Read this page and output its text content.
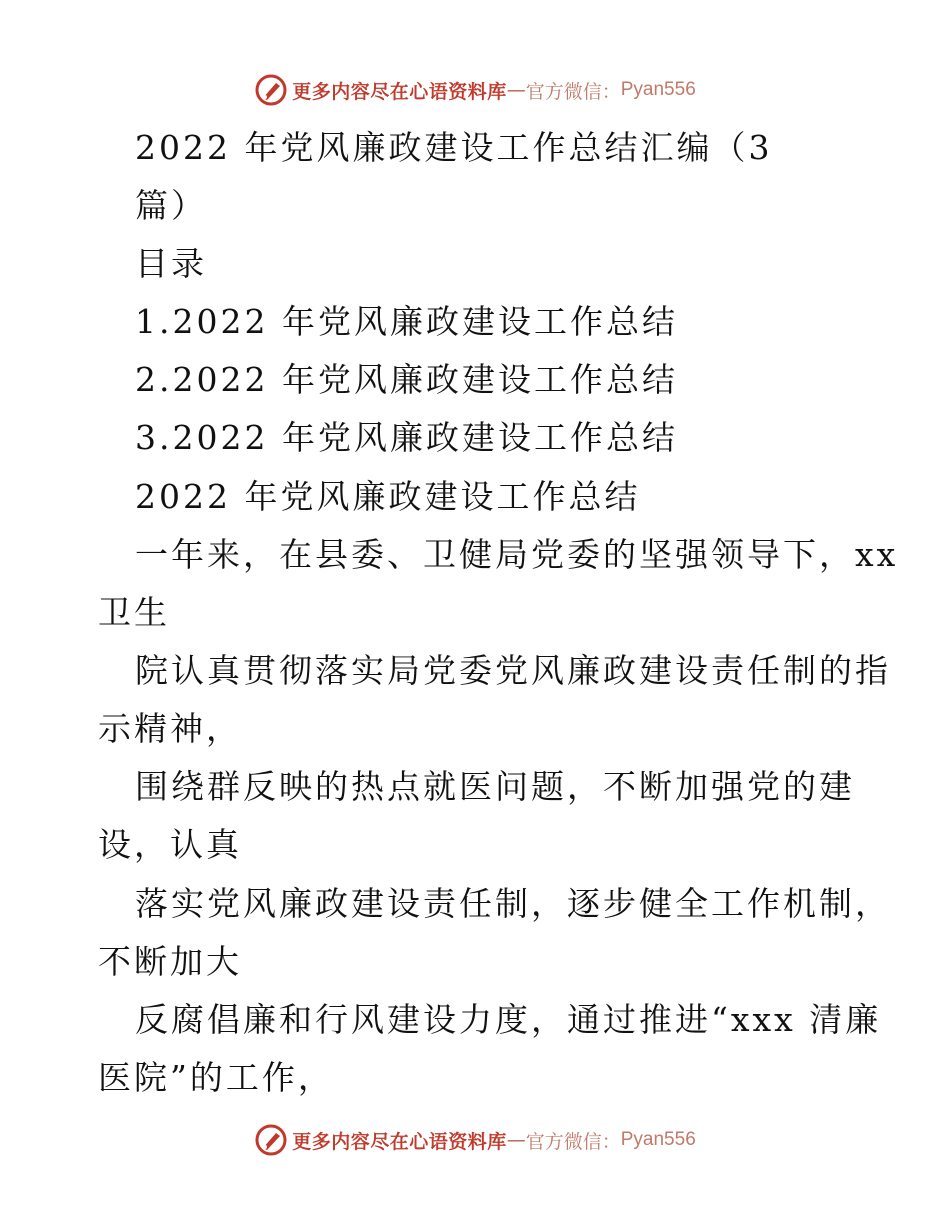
更多内容尽在心语资料库 — 官方微信： Pyan556
2022 年党风廉政建设工作总结汇编（3
篇）
目录
1.2022 年党风廉政建设工作总结
2.2022 年党风廉政建设工作总结
3.2022 年党风廉政建设工作总结
2022 年党风廉政建设工作总结
一年来，在县委、卫健局党委的坚强领导下，xx
卫生
院认真贯彻落实局党委党风廉政建设责任制的指
示精神，
围绕群反映的热点就医问题，不断加强党的建
设，认真
落实党风廉政建设责任制，逐步健全工作机制，
不断加大
反腐倡廉和行风建设力度，通过推进“xxx 清廉
医院”的工作，
更多内容尽在心语资料库 — 官方微信： Pyan556
